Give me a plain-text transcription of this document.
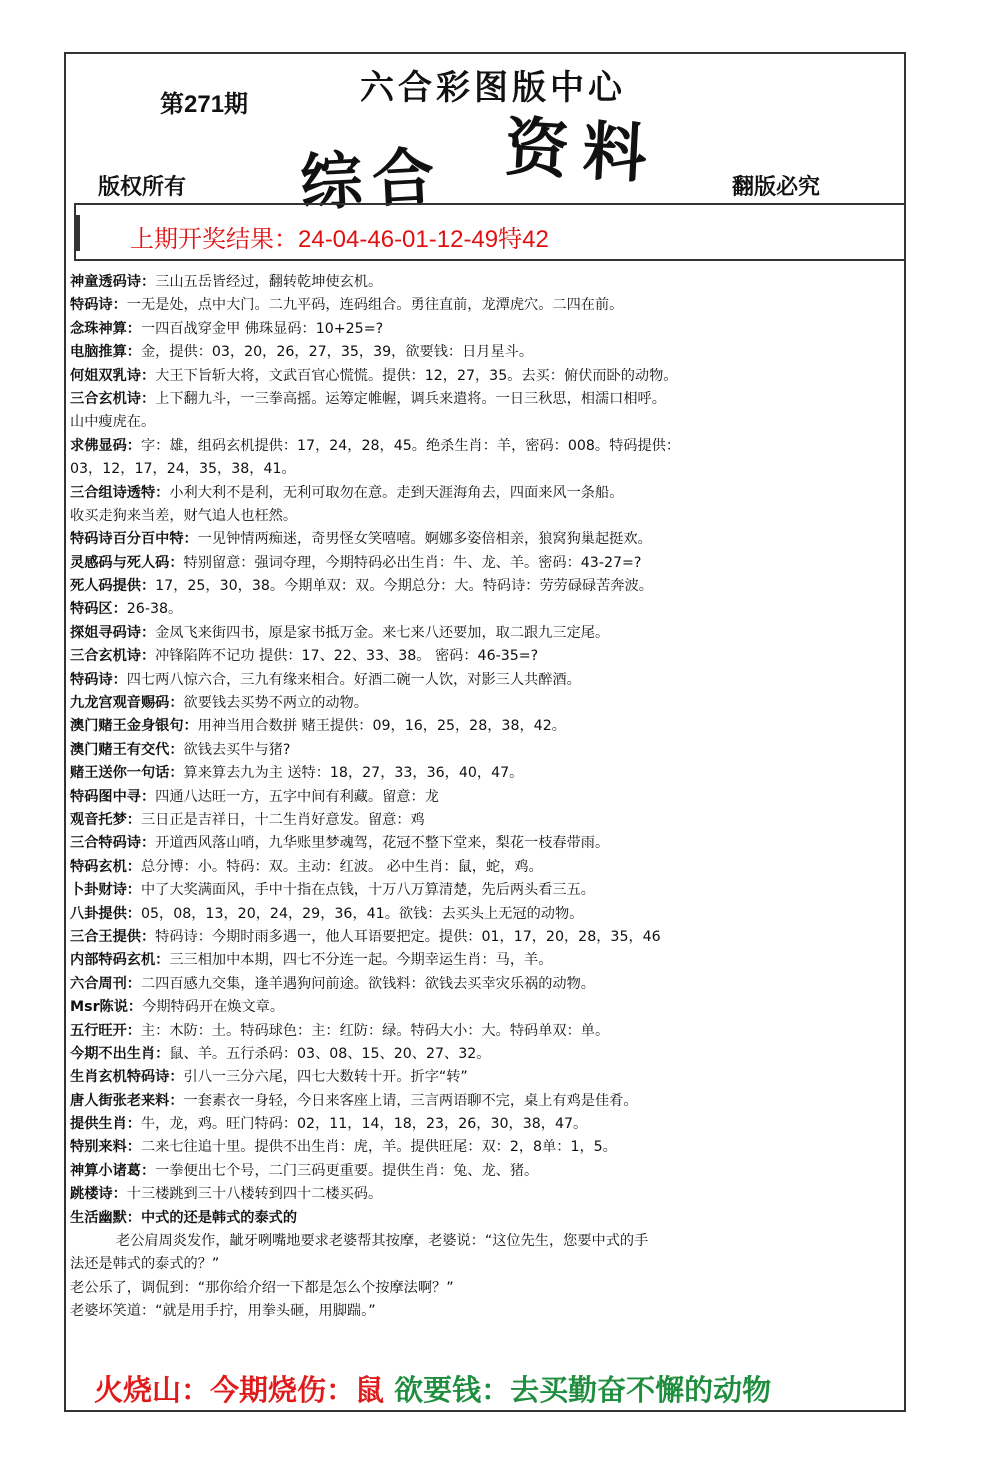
第271期	六合彩图版中心
综合 资料
版权所有	翻版必究
上期开奖结果：24-04-46-01-12-49特42
神童透码诗：三山五岳皆经过，翻转乾坤使玄机。
特码诗：一无是处，点中大门。二九平码，连码组合。勇往直前，龙潭虎穴。二四在前。
念珠神算：一四百战穿金甲 佛珠显码：10+25=?
电脑推算：金，提供：03，20，26，27，35，39，欲要钱：日月星斗。
何姐双乳诗：大王下旨斩大将，文武百官心慌慌。提供：12，27，35。去买：俯伏而卧的动物。
三合玄机诗：上下翻九斗，一三拳高摇。运筹定帷幄，调兵来遣将。一日三秋思，相濡口相呼。
山中瘦虎在。
求佛显码：字：雄，组码玄机提供：17，24，28，45。绝杀生肖：羊，密码：008。特码提供：
03，12，17，24，35，38，41。
三合组诗透特：小利大利不是利，无利可取勿在意。走到天涯海角去，四面来风一条船。
收买走狗来当差，财气追人也枉然。
特码诗百分百中特：一见钟情两痴迷，奇男怪女笑嘻嘻。婀娜多姿倍相亲，狼窝狗巢起挺欢。
灵感码与死人码：特别留意：强词夺理，今期特码必出生肖：牛、龙、羊。密码：43-27=?
死人码提供：17，25，30，38。今期单双：双。今期总分：大。特码诗：劳劳碌碌苦奔波。
特码区：26-38。
探姐寻码诗：金凤飞来街四书，原是家书抵万金。来七来八还要加，取二跟九三定尾。
三合玄机诗：冲锋陷阵不记功 提供：17、22、33、38。 密码：46-35=?
特码诗：四七两八惊六合，三九有缘来相合。好酒二碗一人饮，对影三人共醉酒。
九龙宫观音赐码：欲要钱去买势不两立的动物。
澳门赌王金身银句：用神当用合数拼 赌王提供：09，16，25，28，38，42。
澳门赌王有交代：欲钱去买牛与猪?
赌王送你一句话：算来算去九为主 送特：18，27，33，36，40，47。
特码图中寻：四通八达旺一方，五字中间有利藏。留意：龙
观音托梦：三日正是吉祥日，十二生肖好意发。留意：鸡
三合特码诗：开道西风落山哨，九华账里梦魂驾，花冠不整下堂来，梨花一枝春带雨。
特码玄机：总分博：小。特码：双。主动：红波。 必中生肖：鼠，蛇，鸡。
卜卦财诗：中了大奖满面风，手中十指在点钱，十万八万算清楚，先后两头看三五。
八卦提供：05，08，13，20，24，29，36，41。欲钱：去买头上无冠的动物。
三合王提供：特码诗：今期时雨多遇一，他人耳语要把定。提供：01，17，20，28，35，46
内部特码玄机：三三相加中本期，四七不分连一起。今期幸运生肖：马，羊。
六合周刊：二四百感九交集，逢羊遇狗问前途。欲钱料：欲钱去买幸灾乐祸的动物。
Msr陈说：今期特码开在焕文章。
五行旺开：主：木防：土。特码球色：主：红防：绿。特码大小：大。特码单双：单。
今期不出生肖：鼠、羊。五行杀码：03、08、15、20、27、32。
生肖玄机特码诗：引八一三分六尾，四七大数转十开。折字“转”
唐人街张老来料：一套素衣一身轻，今日来客座上请，三言两语聊不完，桌上有鸡是佳肴。
提供生肖：牛，龙，鸡。旺门特码：02，11，14，18，23，26，30，38，47。
特别来料：二来七往追十里。提供不出生肖：虎，羊。提供旺尾：双：2，8单：1，5。
神算小诸葛：一拳便出七个号，二门三码更重要。提供生肖：兔、龙、猪。
跳楼诗：十三楼跳到三十八楼转到四十二楼买码。
生活幽默：中式的还是韩式的泰式的
老公肩周炎发作，龇牙咧嘴地要求老婆帮其按摩，老婆说：“这位先生，您要中式的手
法还是韩式的泰式的？”
老公乐了，调侃到：“那你给介绍一下都是怎么个按摩法啊？”
老婆坏笑道：“就是用手拧，用拳头砸，用脚踹。”
火烧山：今期烧伤：鼠 欲要钱：去买勤奋不懈的动物
